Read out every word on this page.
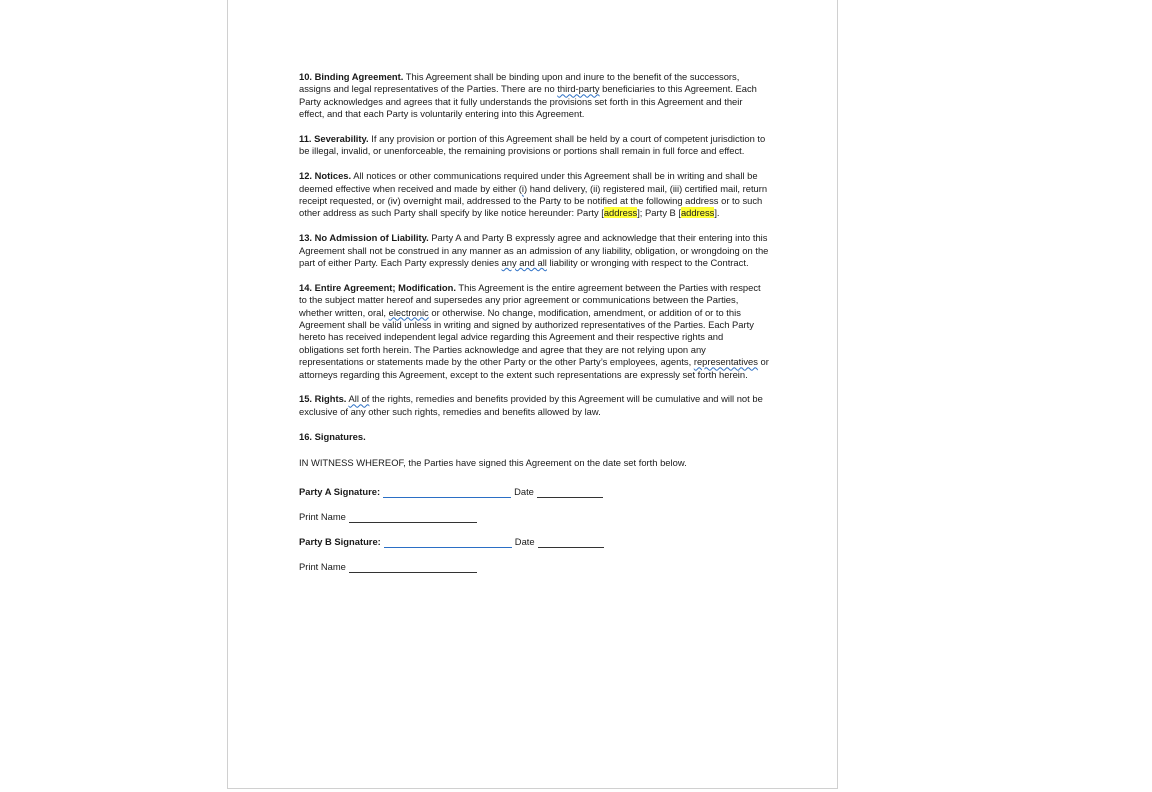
10. Binding Agreement. This Agreement shall be binding upon and inure to the benefit of the successors, assigns and legal representatives of the Parties. There are no third-party beneficiaries to this Agreement. Each Party acknowledges and agrees that it fully understands the provisions set forth in this Agreement and their effect, and that each Party is voluntarily entering into this Agreement.

11. Severability. If any provision or portion of this Agreement shall be held by a court of competent jurisdiction to be illegal, invalid, or unenforceable, the remaining provisions or portions shall remain in full force and effect.

12. Notices. All notices or other communications required under this Agreement shall be in writing and shall be deemed effective when received and made by either (i) hand delivery, (ii) registered mail, (iii) certified mail, return receipt requested, or (iv) overnight mail, addressed to the Party to be notified at the following address or to such other address as such Party shall specify by like notice hereunder: Party [address]; Party B [address].

13. No Admission of Liability. Party A and Party B expressly agree and acknowledge that their entering into this Agreement shall not be construed in any manner as an admission of any liability, obligation, or wrongdoing on the part of either Party. Each Party expressly denies any and all liability or wronging with respect to the Contract.

14. Entire Agreement; Modification. This Agreement is the entire agreement between the Parties with respect to the subject matter hereof and supersedes any prior agreement or communications between the Parties, whether written, oral, electronic or otherwise. No change, modification, amendment, or addition of or to this Agreement shall be valid unless in writing and signed by authorized representatives of the Parties. Each Party hereto has received independent legal advice regarding this Agreement and their respective rights and obligations set forth herein. The Parties acknowledge and agree that they are not relying upon any representations or statements made by the other Party or the other Party’s employees, agents, representatives or attorneys regarding this Agreement, except to the extent such representations are expressly set forth herein.

15. Rights. All of the rights, remedies and benefits provided by this Agreement will be cumulative and will not be exclusive of any other such rights, remedies and benefits allowed by law.

16. Signatures.

IN WITNESS WHEREOF, the Parties have signed this Agreement on the date set forth below.

Party A Signature:	Date
Print Name
Party B Signature:	Date
Print Name
